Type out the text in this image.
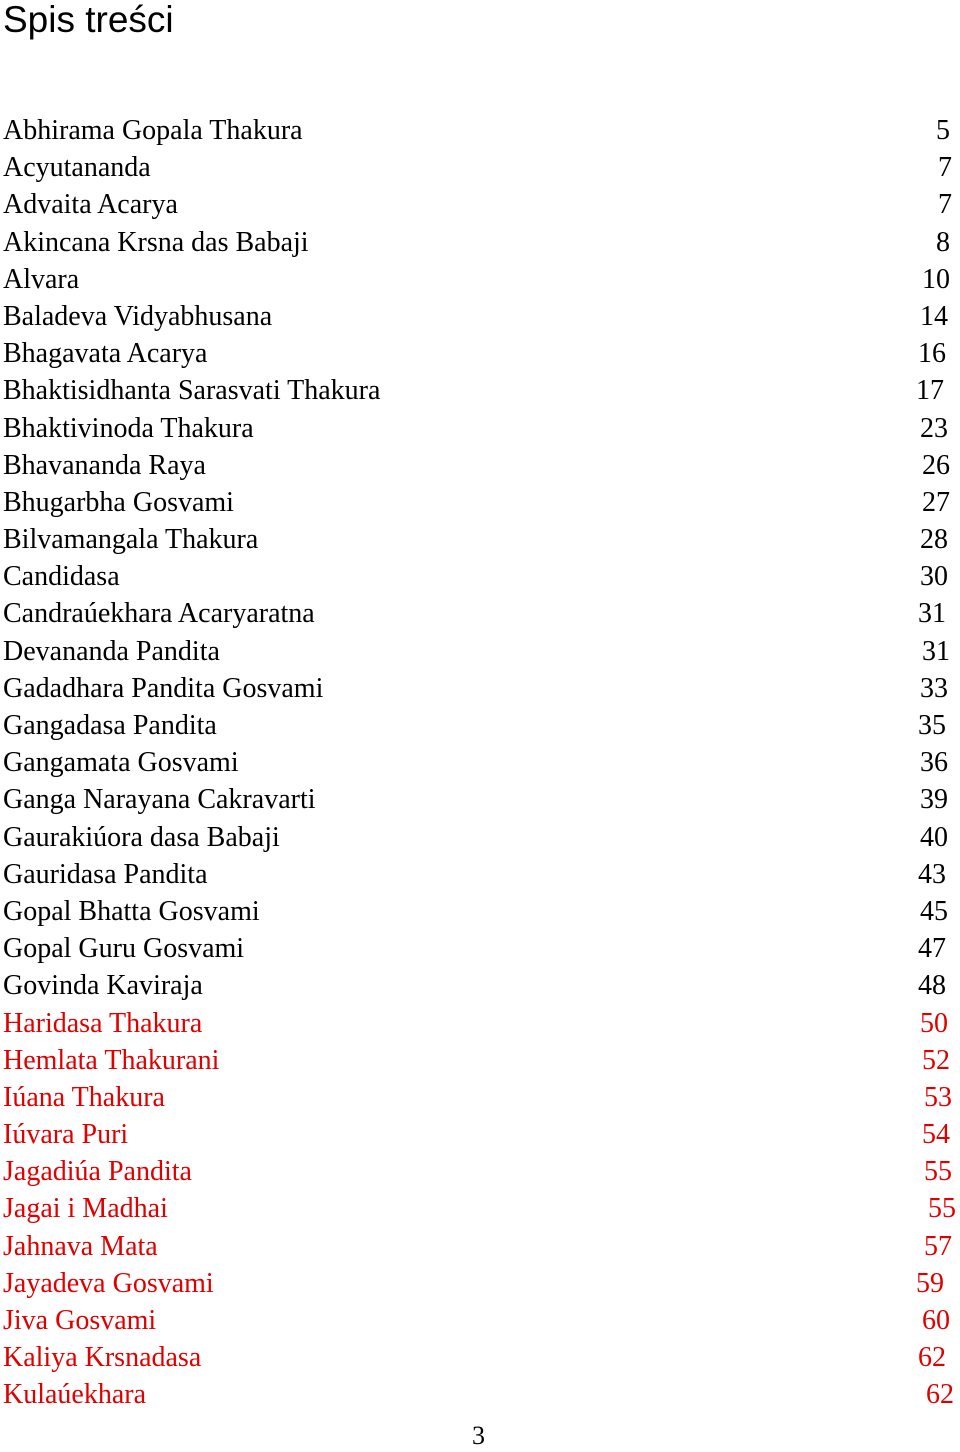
Spis treści
Abhirama Gopala Thakura	5
Acyutananda	7
Advaita Acarya	7
Akincana Krsna das Babaji	8
Alvara	10
Baladeva Vidyabhusana	14
Bhagavata Acarya	16
Bhaktisidhanta Sarasvati Thakura	17
Bhaktivinoda Thakura	23
Bhavananda Raya	26
Bhugarbha Gosvami	27
Bilvamangala Thakura	28
Candidasa	30
Candraúekhara Acaryaratna	31
Devananda Pandita	31
Gadadhara Pandita Gosvami	33
Gangadasa Pandita	35
Gangamata Gosvami	36
Ganga Narayana Cakravarti	39
Gaurakiúora dasa Babaji	40
Gauridasa Pandita	43
Gopal Bhatta Gosvami	45
Gopal Guru Gosvami	47
Govinda Kaviraja	48
Haridasa Thakura	50
Hemlata Thakurani	52
Iúana Thakura	53
Iúvara Puri	54
Jagadiúa Pandita	55
Jagai i Madhai	55
Jahnava Mata	57
Jayadeva Gosvami	59
Jiva Gosvami	60
Kaliya Krsnadasa	62
Kulaúekhara	62
3
